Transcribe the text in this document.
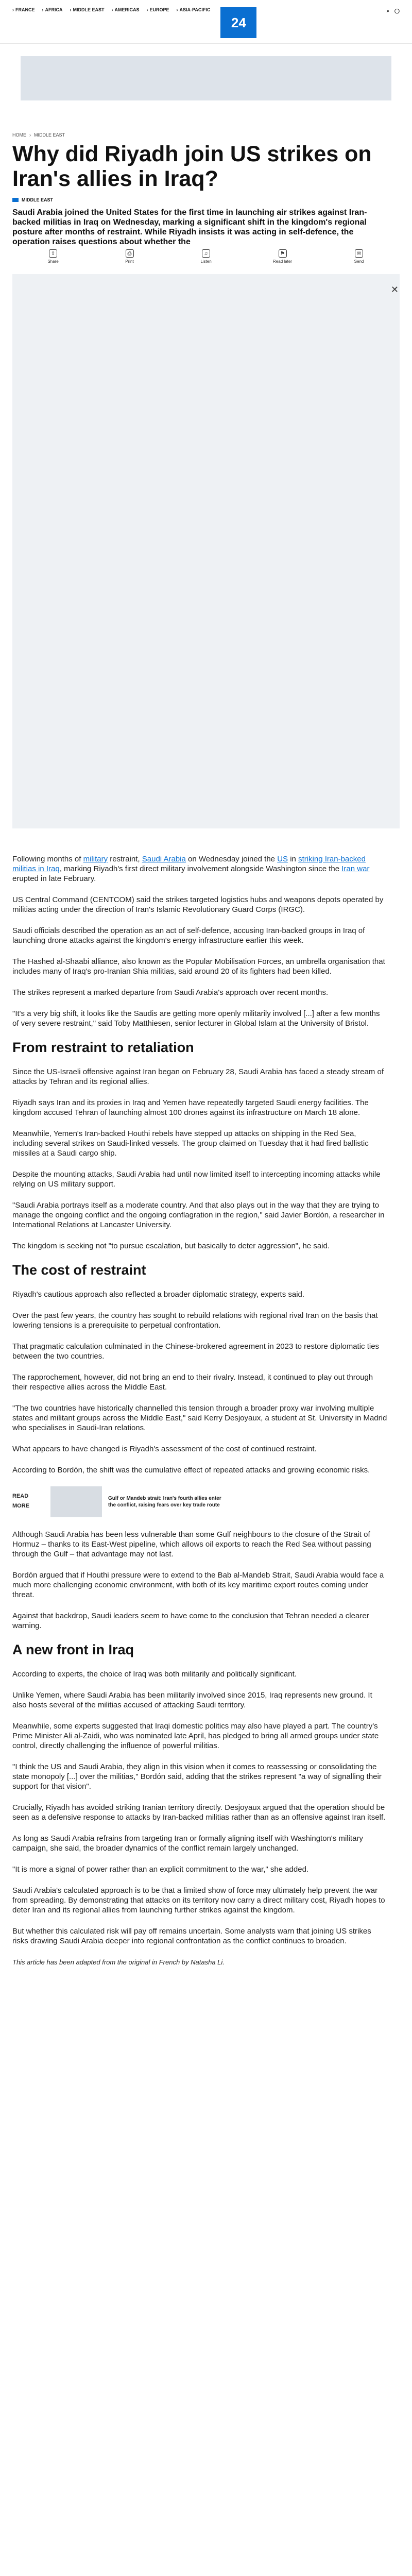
› FRANCE › AFRICA › MIDDLE EAST › AMERICAS › EUROPE › ASIA-PACIFIC
24
⌕ ◯
HOME › MIDDLE EAST
Why did Riyadh join US strikes on Iran's allies in Iraq?
MIDDLE EAST

Saudi Arabia joined the United States for the first time in launching air strikes against Iran-backed militias in Iraq on Wednesday, marking a significant shift in the kingdom's regional posture after months of restraint. While Riyadh insists it was acting in self-defence, the operation raises questions about whether the

⇪
Share
⎙
Print
♫
Listen
⚑
Read later
✉
Send
✕

Following months of military restraint, Saudi Arabia on Wednesday joined the US in striking Iran-backed militias in Iraq, marking Riyadh's first direct military involvement alongside Washington since the Iran war erupted in late February.

US Central Command (CENTCOM) said the strikes targeted logistics hubs and weapons depots operated by militias acting under the direction of Iran's Islamic Revolutionary Guard Corps (IRGC).

Saudi officials described the operation as an act of self-defence, accusing Iran-backed groups in Iraq of launching drone attacks against the kingdom's energy infrastructure earlier this week.

The Hashed al-Shaabi alliance, also known as the Popular Mobilisation Forces, an umbrella organisation that includes many of Iraq's pro-Iranian Shia militias, said around 20 of its fighters had been killed.

The strikes represent a marked departure from Saudi Arabia's approach over recent months.

"It's a very big shift, it looks like the Saudis are getting more openly militarily involved [...] after a few months of very severe restraint," said Toby Matthiesen, senior lecturer in Global Islam at the University of Bristol.

From restraint to retaliation

Since the US-Israeli offensive against Iran began on February 28, Saudi Arabia has faced a steady stream of attacks by Tehran and its regional allies.

Riyadh says Iran and its proxies in Iraq and Yemen have repeatedly targeted Saudi energy facilities. The kingdom accused Tehran of launching almost 100 drones against its infrastructure on March 18 alone.

Meanwhile, Yemen's Iran-backed Houthi rebels have stepped up attacks on shipping in the Red Sea, including several strikes on Saudi-linked vessels. The group claimed on Tuesday that it had fired ballistic missiles at a Saudi cargo ship.

Despite the mounting attacks, Saudi Arabia had until now limited itself to intercepting incoming attacks while relying on US military support.

"Saudi Arabia portrays itself as a moderate country. And that also plays out in the way that they are trying to manage the ongoing conflict and the ongoing conflagration in the region," said Javier Bordón, a researcher in International Relations at Lancaster University.

The kingdom is seeking not "to pursue escalation, but basically to deter aggression", he said.

The cost of restraint

Riyadh's cautious approach also reflected a broader diplomatic strategy, experts said.

Over the past few years, the country has sought to rebuild relations with regional rival Iran on the basis that lowering tensions is a prerequisite to perpetual confrontation.

That pragmatic calculation culminated in the Chinese-brokered agreement in 2023 to restore diplomatic ties between the two countries.

The rapprochement, however, did not bring an end to their rivalry. Instead, it continued to play out through their respective allies across the Middle East.

"The two countries have historically channelled this tension through a broader proxy war involving multiple states and militant groups across the Middle East," said Kerry Desjoyaux, a student at St. University in Madrid who specialises in Saudi-Iran relations.

What appears to have changed is Riyadh's assessment of the cost of continued restraint.

According to Bordón, the shift was the cumulative effect of repeated attacks and growing economic risks.

READ MORE
Gulf or Mandeb strait: Iran's fourth allies enter the conflict, raising fears over key trade route

Although Saudi Arabia has been less vulnerable than some Gulf neighbours to the closure of the Strait of Hormuz – thanks to its East-West pipeline, which allows oil exports to reach the Red Sea without passing through the Gulf – that advantage may not last.

Bordón argued that if Houthi pressure were to extend to the Bab al-Mandeb Strait, Saudi Arabia would face a much more challenging economic environment, with both of its key maritime export routes coming under threat.

Against that backdrop, Saudi leaders seem to have come to the conclusion that Tehran needed a clearer warning.

A new front in Iraq

According to experts, the choice of Iraq was both militarily and politically significant.

Unlike Yemen, where Saudi Arabia has been militarily involved since 2015, Iraq represents new ground. It also hosts several of the militias accused of attacking Saudi territory.

Meanwhile, some experts suggested that Iraqi domestic politics may also have played a part. The country's Prime Minister Ali al-Zaidi, who was nominated late April, has pledged to bring all armed groups under state control, directly challenging the influence of powerful militias.

"I think the US and Saudi Arabia, they align in this vision when it comes to reassessing or consolidating the state monopoly [...] over the militias," Bordón said, adding that the strikes represent "a way of signalling their support for that vision".

Crucially, Riyadh has avoided striking Iranian territory directly. Desjoyaux argued that the operation should be seen as a defensive response to attacks by Iran-backed militias rather than as an offensive against Iran itself.

As long as Saudi Arabia refrains from targeting Iran or formally aligning itself with Washington's military campaign, she said, the broader dynamics of the conflict remain largely unchanged.

"It is more a signal of power rather than an explicit commitment to the war," she added.

Saudi Arabia's calculated approach is to be that a limited show of force may ultimately help prevent the war from spreading. By demonstrating that attacks on its territory now carry a direct military cost, Riyadh hopes to deter Iran and its regional allies from launching further strikes against the kingdom.

But whether this calculated risk will pay off remains uncertain. Some analysts warn that joining US strikes risks drawing Saudi Arabia deeper into regional confrontation as the conflict continues to broaden.

This article has been adapted from the original in French by Natasha Li.
